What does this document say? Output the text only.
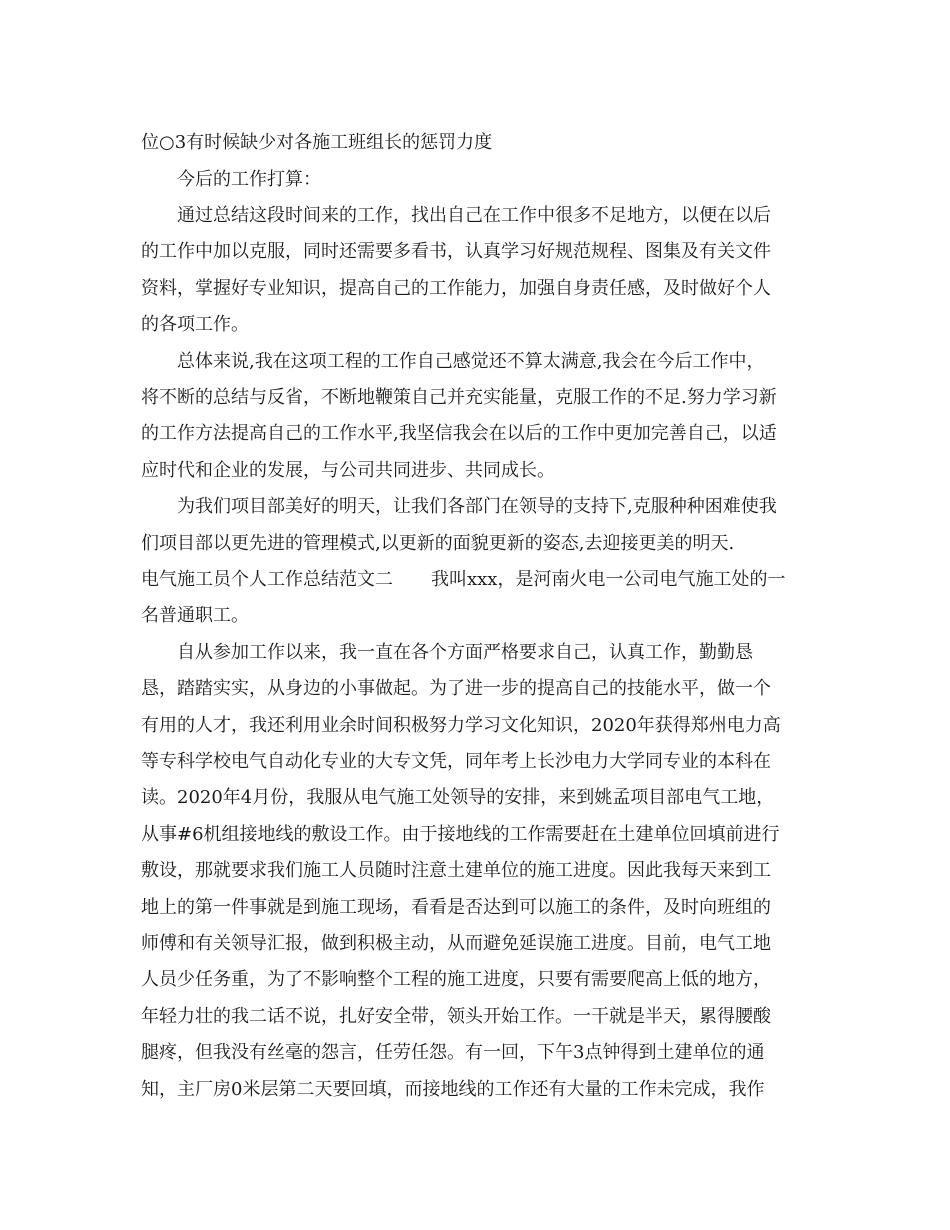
位○3有时候缺少对各施工班组长的惩罚力度
今后的工作打算：
通过总结这段时间来的工作，找出自己在工作中很多不足地方，以便在以后
的工作中加以克服，同时还需要多看书，认真学习好规范规程、图集及有关文件
资料，掌握好专业知识，提高自己的工作能力，加强自身责任感，及时做好个人
的各项工作。
总体来说,我在这项工程的工作自己感觉还不算太满意,我会在今后工作中，
将不断的总结与反省，不断地鞭策自己并充实能量，克服工作的不足.努力学习新
的工作方法提高自己的工作水平,我坚信我会在以后的工作中更加完善自己，以适
应时代和企业的发展，与公司共同进步、共同成长。
为我们项目部美好的明天，让我们各部门在领导的支持下,克服种种困难使我
们项目部以更先进的管理模式,以更新的面貌更新的姿态,去迎接更美的明天.
电气施工员个人工作总结范文二 我叫xxx，是河南火电一公司电气施工处的一
名普通职工。
自从参加工作以来，我一直在各个方面严格要求自己，认真工作，勤勤恳
恳，踏踏实实，从身边的小事做起。为了进一步的提高自己的技能水平，做一个
有用的人才，我还利用业余时间积极努力学习文化知识，2020年获得郑州电力高
等专科学校电气自动化专业的大专文凭，同年考上长沙电力大学同专业的本科在
读。2020年4月份，我服从电气施工处领导的安排，来到姚孟项目部电气工地，
从事#6机组接地线的敷设工作。由于接地线的工作需要赶在土建单位回填前进行
敷设，那就要求我们施工人员随时注意土建单位的施工进度。因此我每天来到工
地上的第一件事就是到施工现场，看看是否达到可以施工的条件，及时向班组的
师傅和有关领导汇报，做到积极主动，从而避免延误施工进度。目前，电气工地
人员少任务重，为了不影响整个工程的施工进度，只要有需要爬高上低的地方，
年轻力壮的我二话不说，扎好安全带，领头开始工作。一干就是半天，累得腰酸
腿疼，但我没有丝毫的怨言，任劳任怨。有一回，下午3点钟得到土建单位的通
知，主厂房0米层第二天要回填，而接地线的工作还有大量的工作未完成，我作
